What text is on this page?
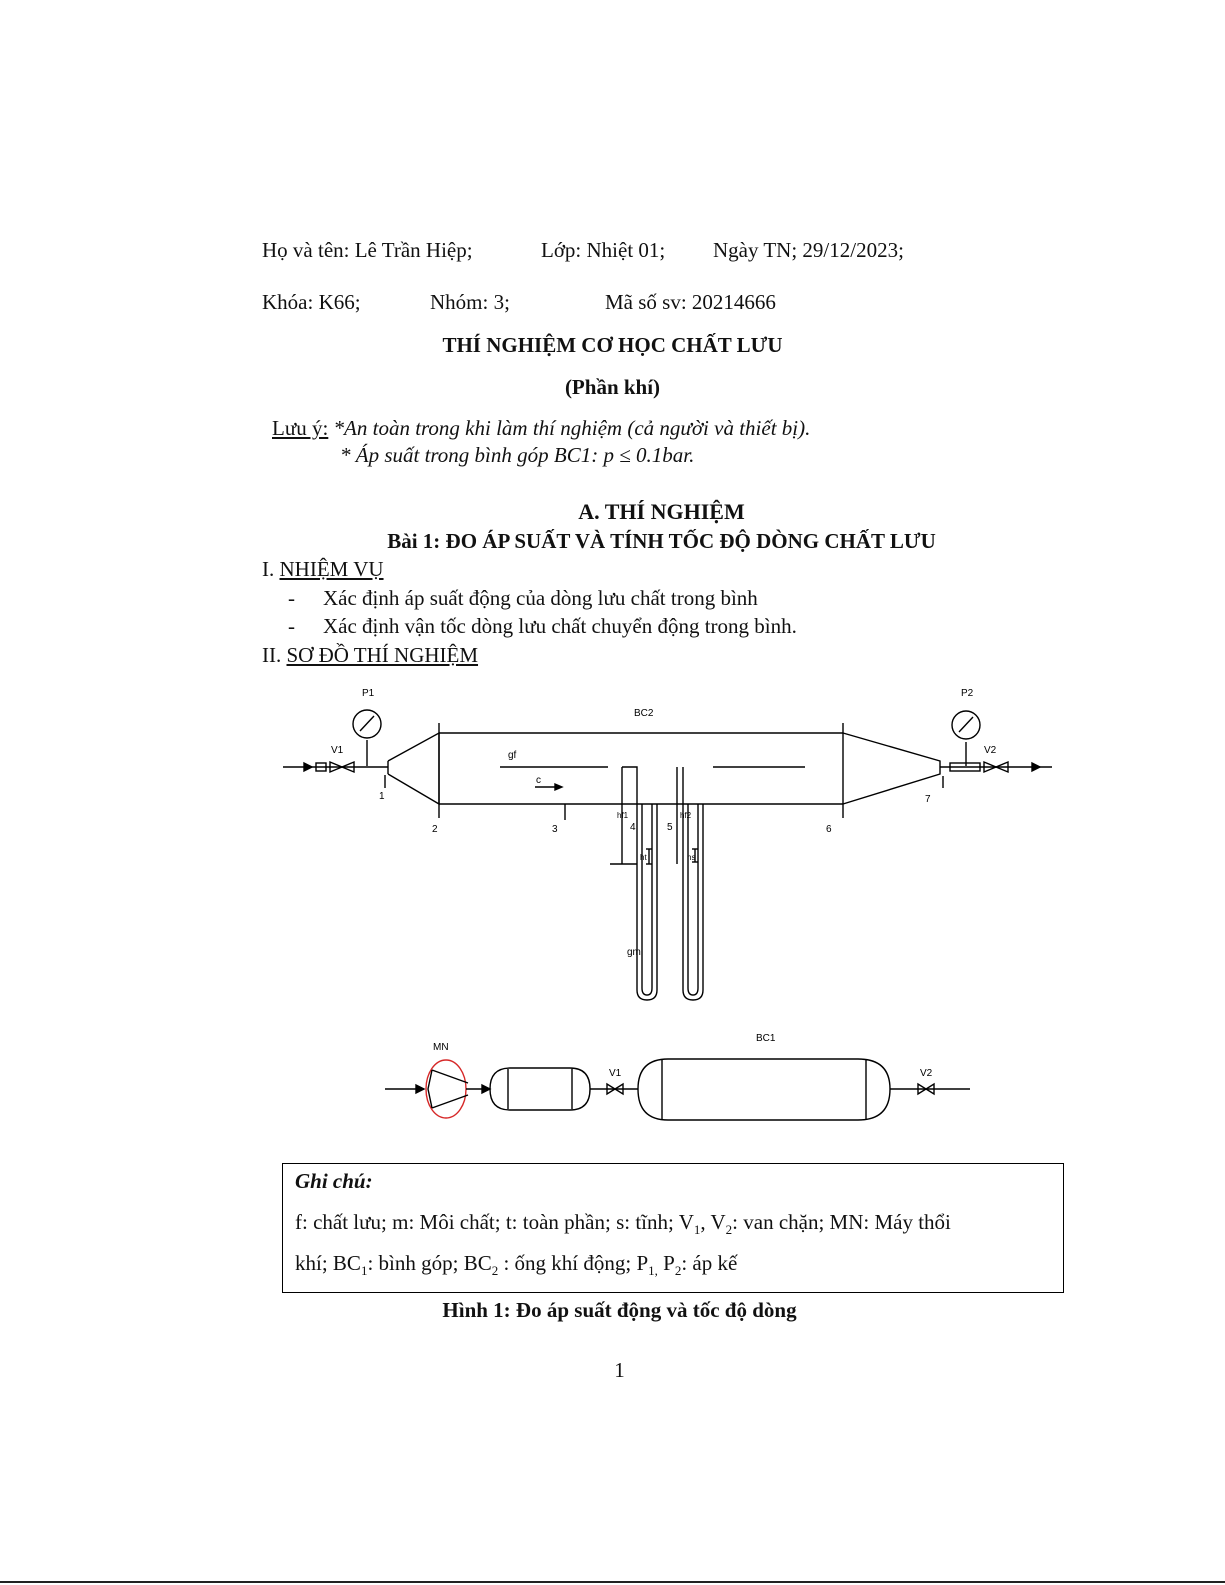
Họ và tên: Lê Trần Hiệp;	Lớp: Nhiệt 01; Ngày TN; 29/12/2023;
Khóa: K66;	Nhóm: 3;	Mã số sv: 20214666
THÍ NGHIỆM CƠ HỌC CHẤT LƯU
(Phần khí)
Lưu ý: *An toàn trong khi làm thí nghiệm (cả người và thiết bị).
* Áp suất trong bình góp BC1: p ≤ 0.1bar.
A. THÍ NGHIỆM
Bài 1: ĐO ÁP SUẤT VÀ TÍNH TỐC ĐỘ DÒNG CHẤT LƯU
I. NHIỆM VỤ
- Xác định áp suất động của dòng lưu chất trong bình
- Xác định vận tốc dòng lưu chất chuyển động trong bình.
II. SƠ ĐỒ THÍ NGHIỆM
P1	P2
V1	V2
BC2
gf
c
gm
ht	hs
hf1	hf2
1
2	3	4	5	6
7
MN
BC1
V1	V2
Ghi chú:
f: chất lưu; m: Môi chất; t: toàn phần; s: tĩnh; $V_1$, $V_2$: van chặn; MN: Máy thổi
khí; $BC_1$: bình góp; $BC_2$ : ống khí động; $P_{1,}$ $P_2$: áp kế
Hình 1: Đo áp suất động và tốc độ dòng
1
